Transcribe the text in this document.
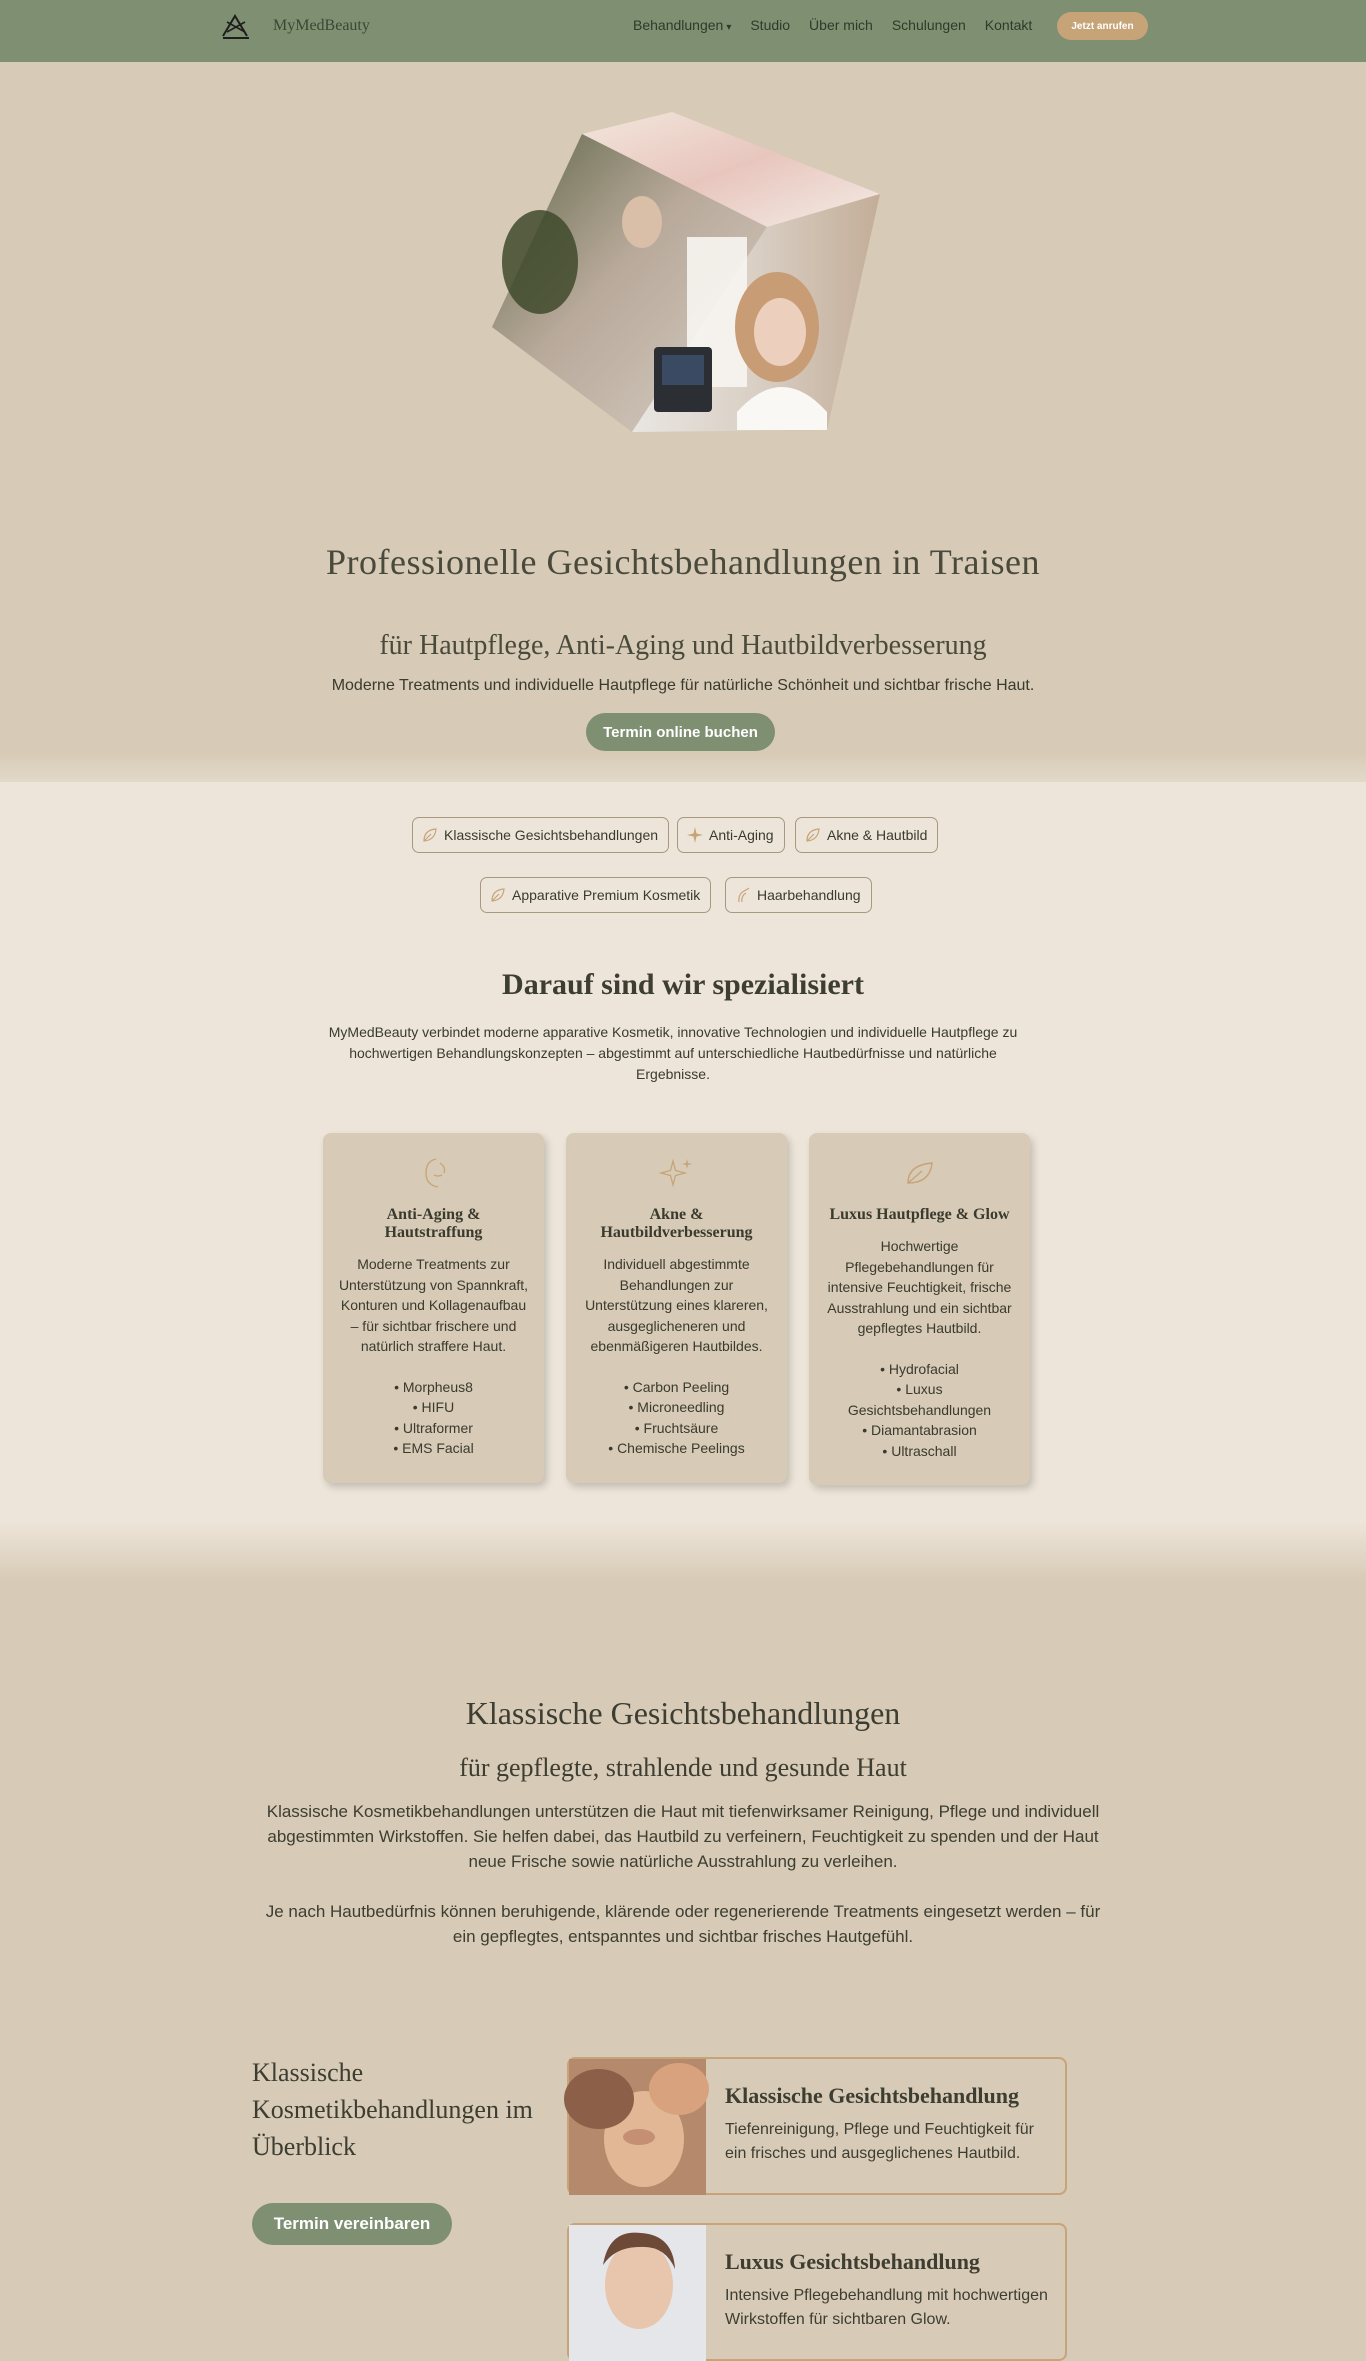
MyMedBeauty	Behandlungen ▾ Studio Über mich Schulungen Kontakt	Jetzt anrufen
Professionelle Gesichtsbehandlungen in Traisen
für Hautpflege, Anti-Aging und Hautbildverbesserung
Moderne Treatments und individuelle Hautpflege für natürliche Schönheit und sichtbar frische Haut.
Termin online buchen
Klassische Gesichtsbehandlungen	Anti-Aging	Akne & Hautbild
Apparative Premium Kosmetik	Haarbehandlung
Darauf sind wir spezialisiert
MyMedBeauty verbindet moderne apparative Kosmetik, innovative Technologien und individuelle Hautpflege zu hochwertigen Behandlungskonzepten – abgestimmt auf unterschiedliche Hautbedürfnisse und natürliche Ergebnisse.
Anti-Aging & Hautstraffung
Moderne Treatments zur Unterstützung von Spannkraft, Konturen und Kollagenaufbau – für sichtbar frischere und natürlich straffere Haut.
• Morpheus8
• HIFU
• Ultraformer
• EMS Facial
Akne & Hautbildverbesserung
Individuell abgestimmte Behandlungen zur Unterstützung eines klareren, ausgeglicheneren und ebenmäßigeren Hautbildes.
• Carbon Peeling
• Microneedling
• Fruchtsäure
• Chemische Peelings
Luxus Hautpflege & Glow
Hochwertige Pflegebehandlungen für intensive Feuchtigkeit, frische Ausstrahlung und ein sichtbar gepflegtes Hautbild.
• Hydrofacial
• Luxus Gesichtsbehandlungen
• Diamantabrasion
• Ultraschall
Klassische Gesichtsbehandlungen
für gepflegte, strahlende und gesunde Haut
Klassische Kosmetikbehandlungen unterstützen die Haut mit tiefenwirksamer Reinigung, Pflege und individuell abgestimmten Wirkstoffen. Sie helfen dabei, das Hautbild zu verfeinern, Feuchtigkeit zu spenden und der Haut neue Frische sowie natürliche Ausstrahlung zu verleihen.
Je nach Hautbedürfnis können beruhigende, klärende oder regenerierende Treatments eingesetzt werden – für ein gepflegtes, entspanntes und sichtbar frisches Hautgefühl.
Klassische Kosmetikbehandlungen im Überblick
Termin vereinbaren
Klassische Gesichtsbehandlung
Tiefenreinigung, Pflege und Feuchtigkeit für ein frisches und ausgeglichenes Hautbild.
Luxus Gesichtsbehandlung
Intensive Pflegebehandlung mit hochwertigen Wirkstoffen für sichtbaren Glow.
